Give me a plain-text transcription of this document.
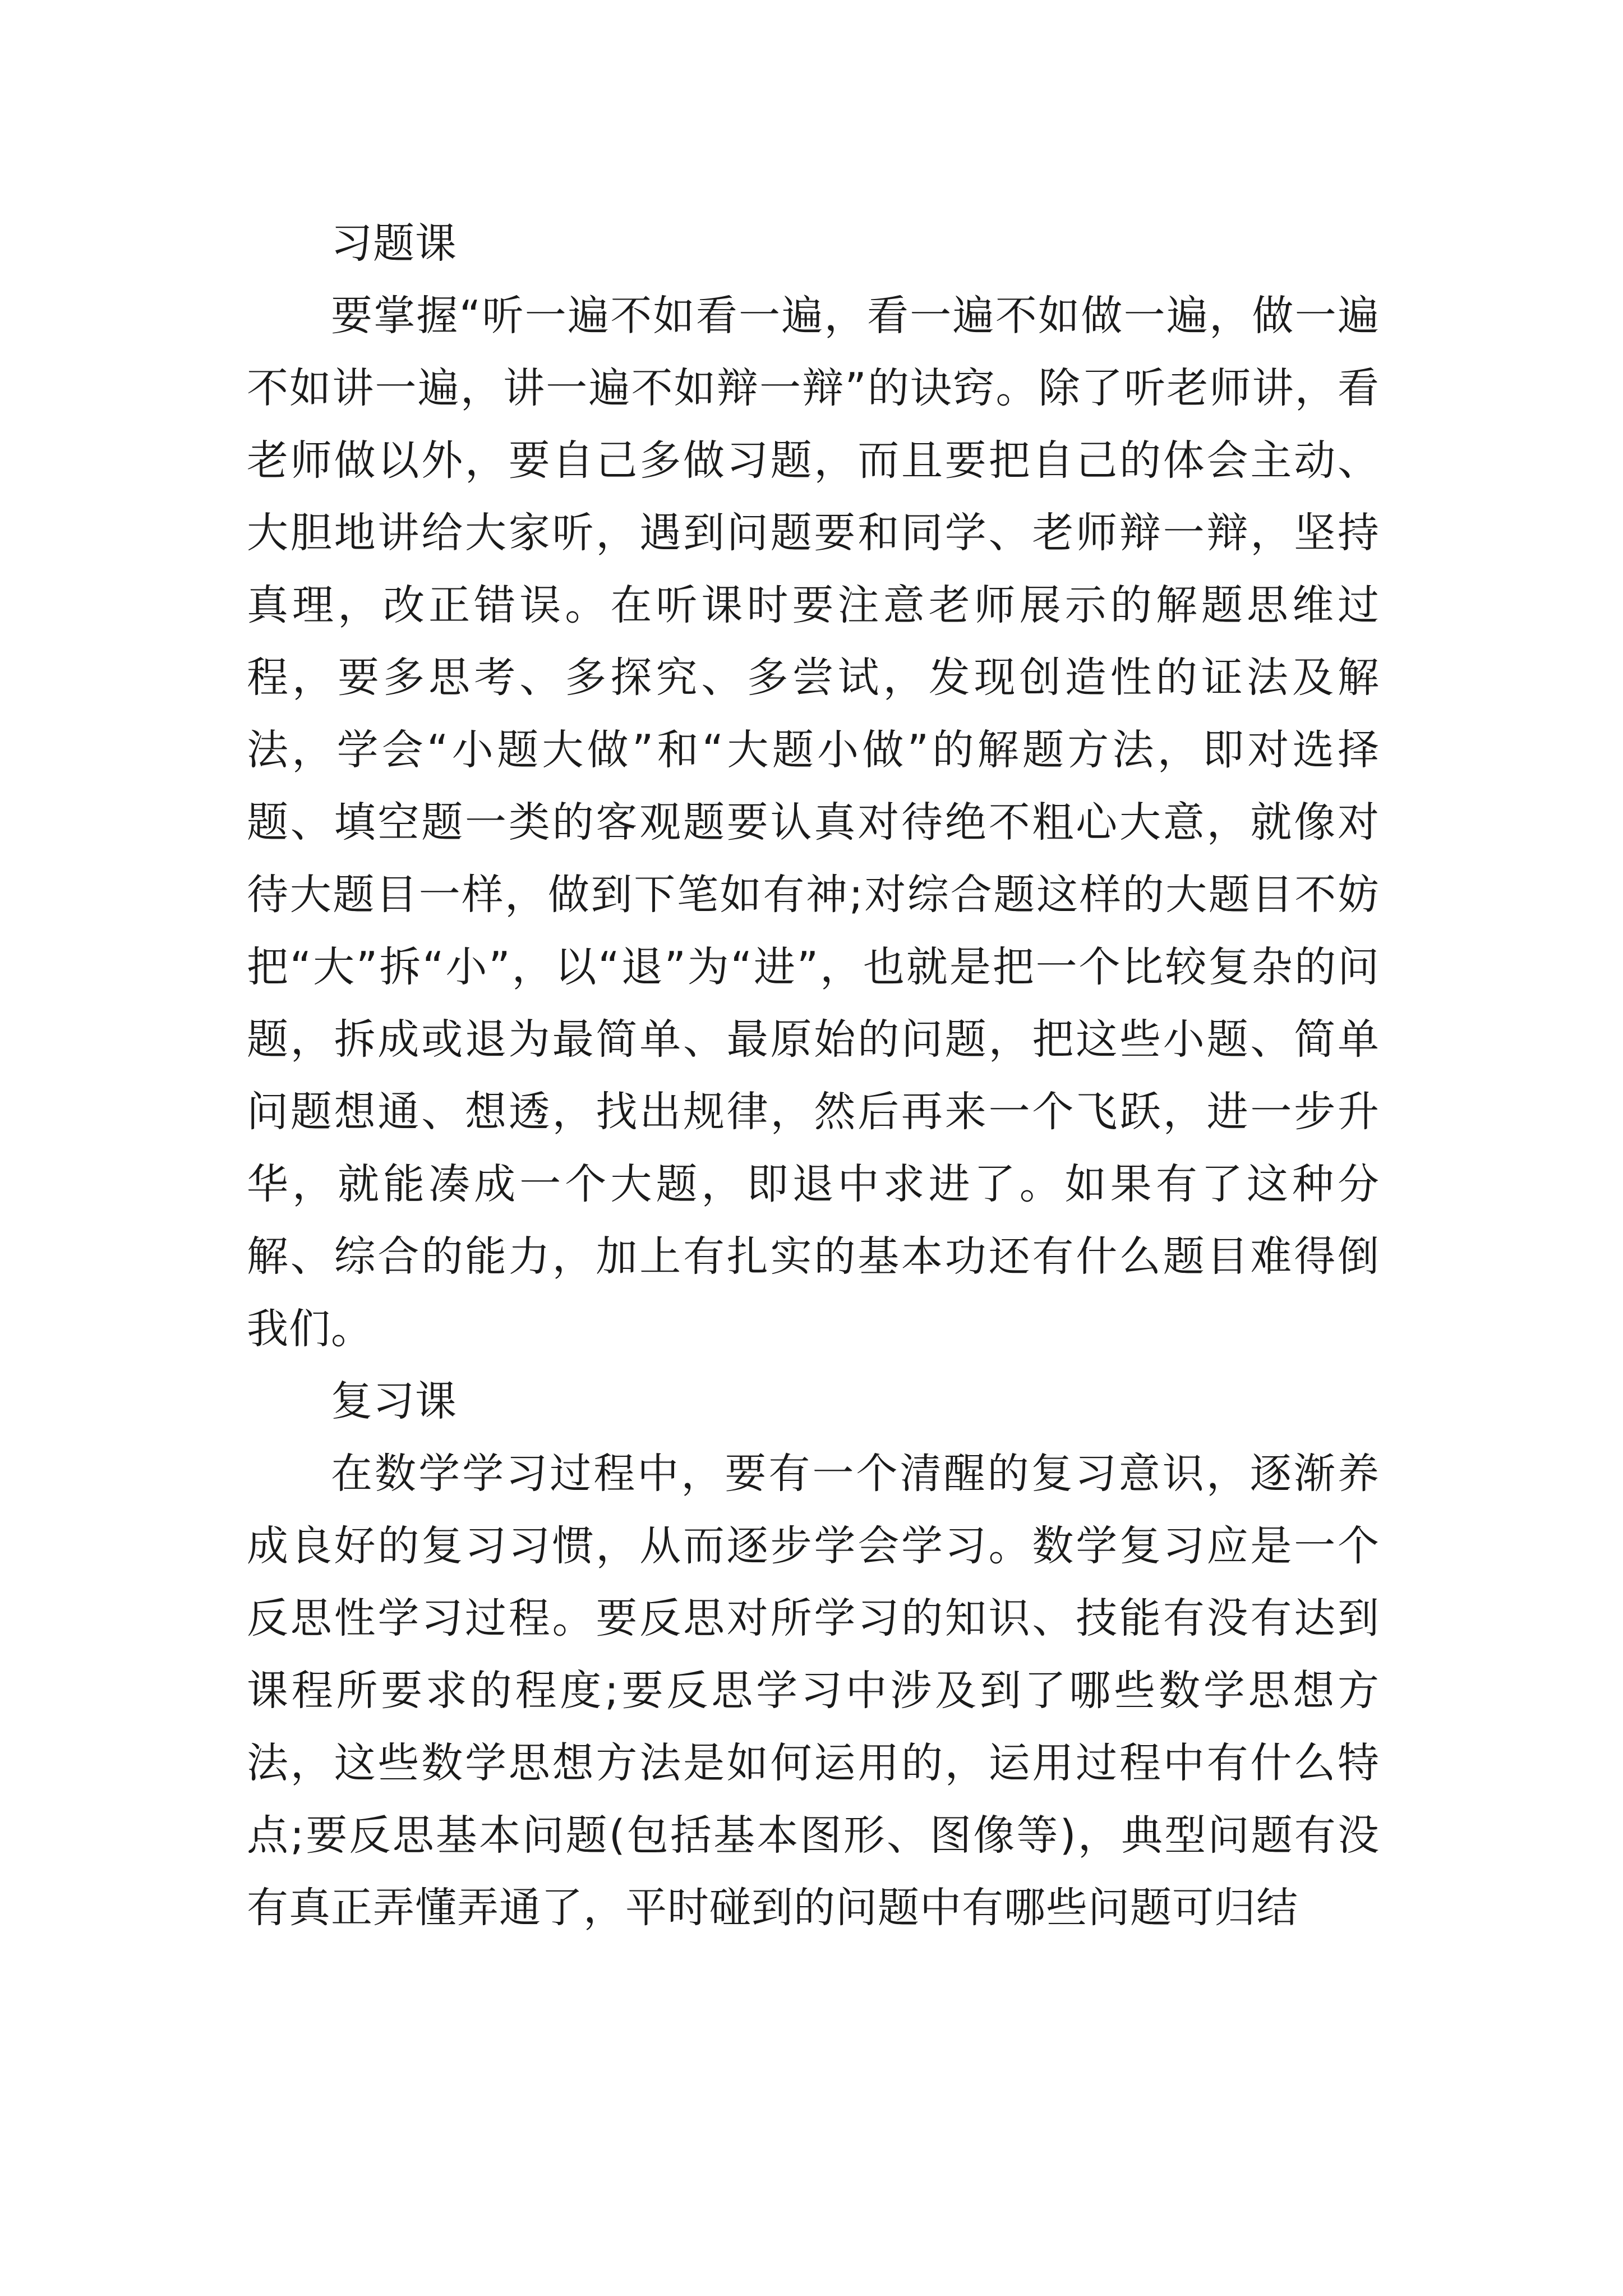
习题课

要掌握“听一遍不如看一遍，看一遍不如做一遍，做一遍不如讲一遍，讲一遍不如辩一辩”的诀窍。除了听老师讲，看老师做以外，要自己多做习题，而且要把自己的体会主动、大胆地讲给大家听，遇到问题要和同学、老师辩一辩，坚持真理，改正错误。在听课时要注意老师展示的解题思维过程，要多思考、多探究、多尝试，发现创造性的证法及解法，学会“小题大做”和“大题小做”的解题方法，即对选择题、填空题一类的客观题要认真对待绝不粗心大意，就像对待大题目一样，做到下笔如有神;对综合题这样的大题目不妨把“大”拆“小”，以“退”为“进”，也就是把一个比较复杂的问题，拆成或退为最简单、最原始的问题，把这些小题、简单问题想通、想透，找出规律，然后再来一个飞跃，进一步升华，就能凑成一个大题，即退中求进了。如果有了这种分解、综合的能力，加上有扎实的基本功还有什么题目难得倒我们。

复习课

在数学学习过程中，要有一个清醒的复习意识，逐渐养成良好的复习习惯，从而逐步学会学习。数学复习应是一个反思性学习过程。要反思对所学习的知识、技能有没有达到课程所要求的程度;要反思学习中涉及到了哪些数学思想方法，这些数学思想方法是如何运用的，运用过程中有什么特点;要反思基本问题(包括基本图形、图像等)，典型问题有没有真正弄懂弄通了，平时碰到的问题中有哪些问题可归结
